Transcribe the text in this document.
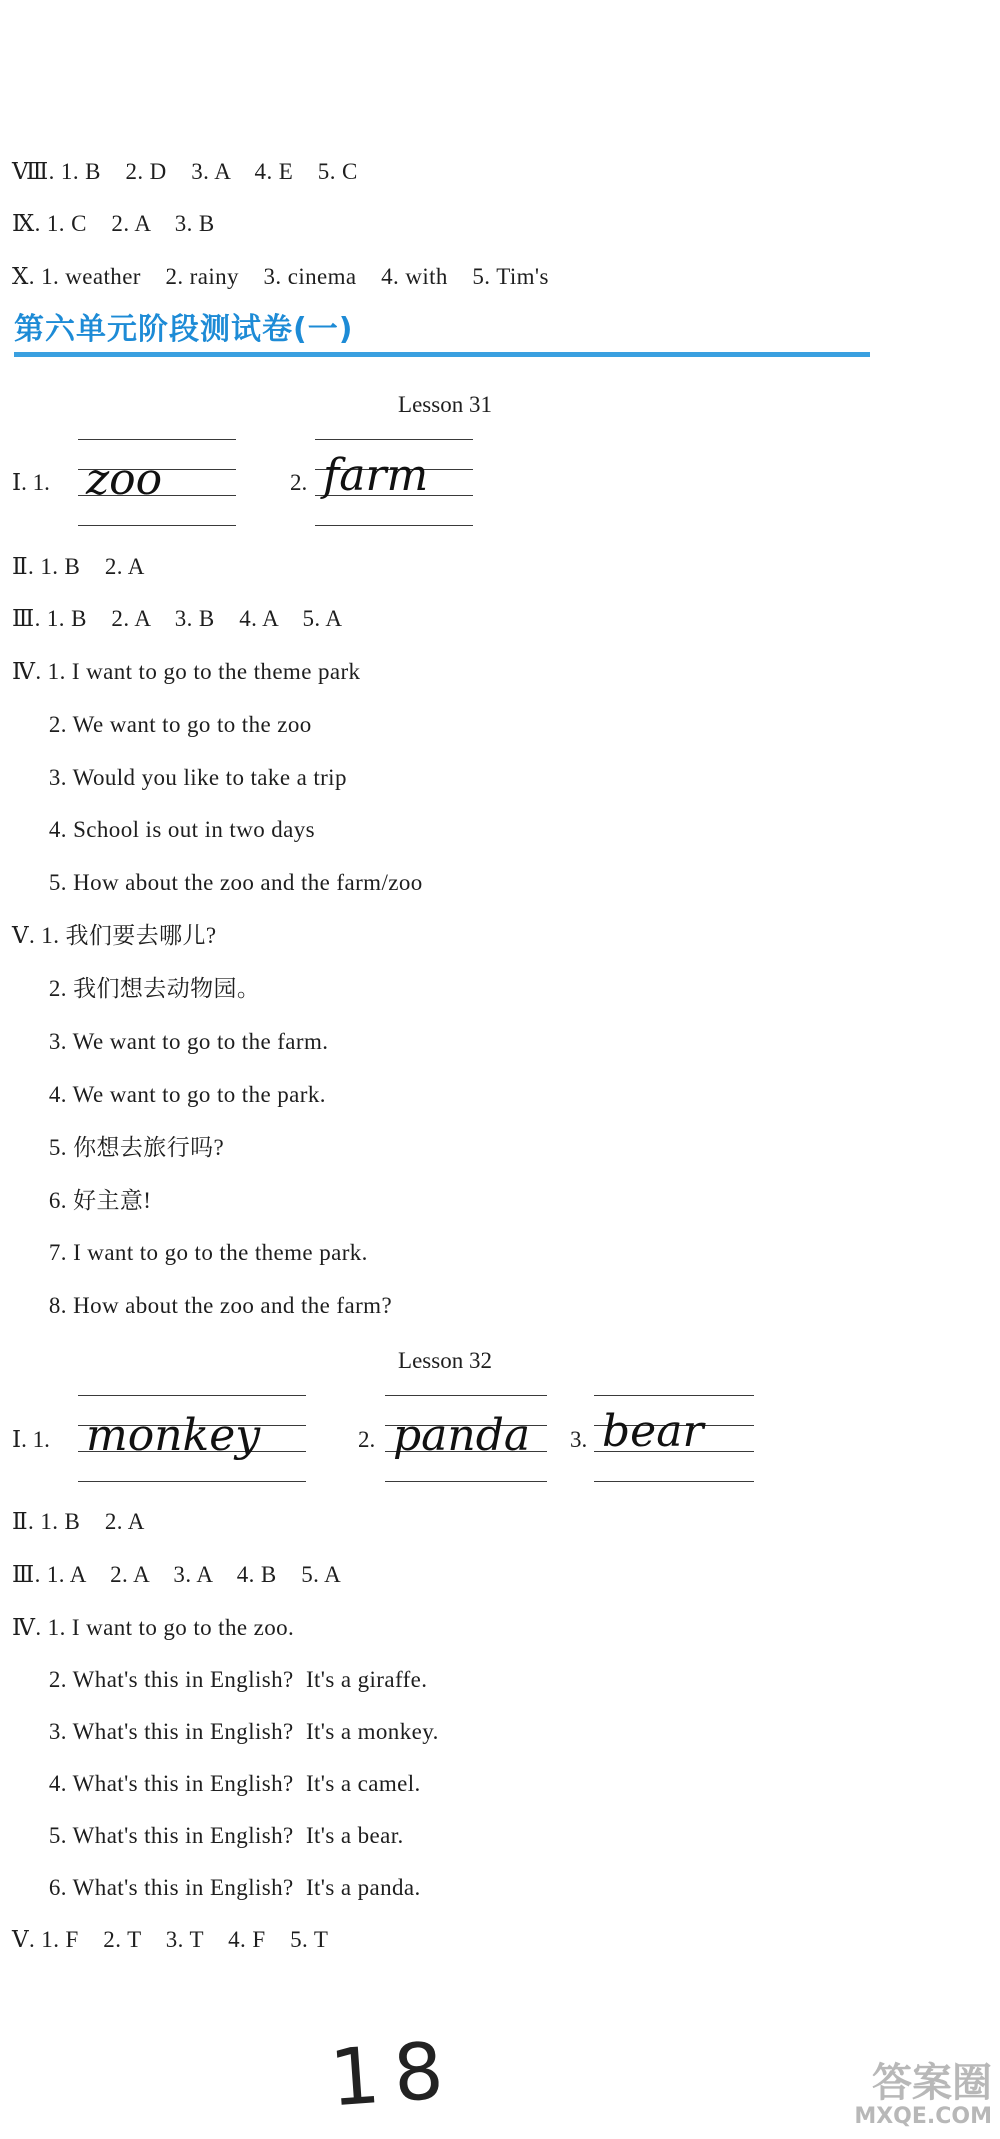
Ⅷ. 1. B    2. D    3. A    4. E    5. C
Ⅸ. 1. C    2. A    3. B
Ⅹ. 1. weather    2. rainy    3. cinema    4. with    5. Tim's
第六单元阶段测试卷(一)
Lesson 31
Ⅰ. 1. zoo	2. farm
Ⅱ. 1. B    2. A
Ⅲ. 1. B    2. A    3. B    4. A    5. A
Ⅳ. 1. I want to go to the theme park
2. We want to go to the zoo
3. Would you like to take a trip
4. School is out in two days
5. How about the zoo and the farm/zoo
Ⅴ. 1. 我们要去哪儿?
2. 我们想去动物园。
3. We want to go to the farm.
4. We want to go to the park.
5. 你想去旅行吗?
6. 好主意!
7. I want to go to the theme park.
8. How about the zoo and the farm?
Lesson 32
Ⅰ. 1. monkey	2. panda 3. bear
Ⅱ. 1. B    2. A
Ⅲ. 1. A    2. A    3. A    4. B    5. A
Ⅳ. 1. I want to go to the zoo.
2. What's this in English?  It's a giraffe.
3. What's this in English?  It's a monkey.
4. What's this in English?  It's a camel.
5. What's this in English?  It's a bear.
6. What's this in English?  It's a panda.
Ⅴ. 1. F    2. T    3. T    4. F    5. T
18	答案圈
MXQE.COM
